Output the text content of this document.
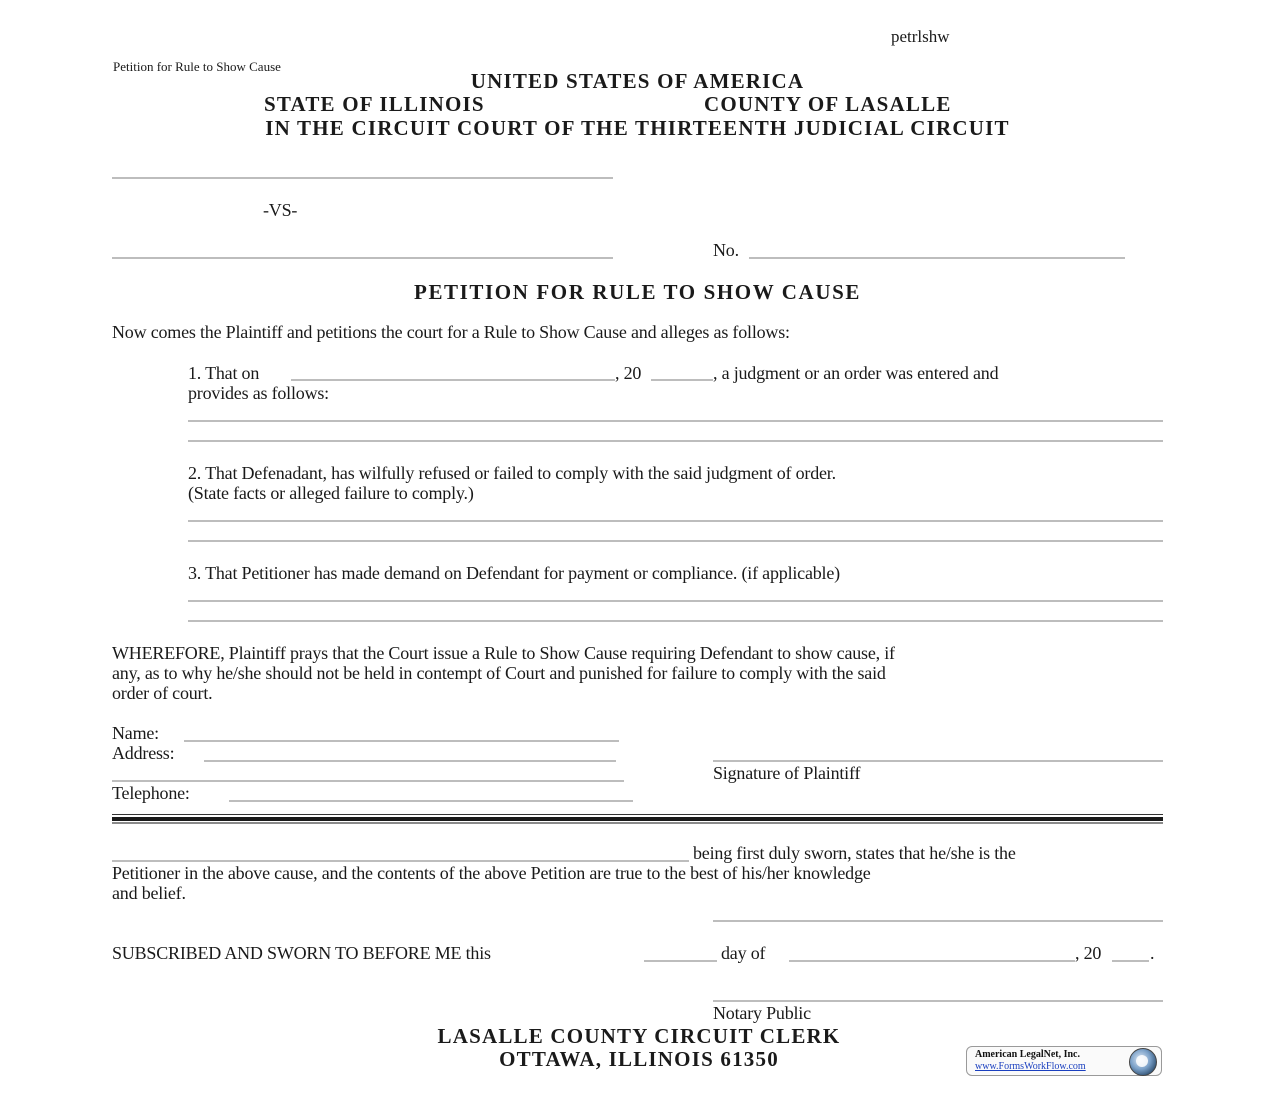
petrlshw
Petition for Rule to Show Cause
UNITED STATES OF AMERICA
STATE OF ILLINOIS	COUNTY OF LASALLE
IN THE CIRCUIT COURT OF THE THIRTEENTH JUDICIAL CIRCUIT
-VS-
No.
PETITION FOR RULE TO SHOW CAUSE
Now comes the Plaintiff and petitions the court for a Rule to Show Cause and alleges as follows:
1. That on	, 20	, a judgment or an order was entered and
provides as follows:
2. That Defenadant, has wilfully refused or failed to comply with the said judgment of order.
(State facts or alleged failure to comply.)
3. That Petitioner has made demand on Defendant for payment or compliance. (if applicable)
WHEREFORE, Plaintiff prays that the Court issue a Rule to Show Cause requiring Defendant to show cause, if
any, as to why he/she should not be held in contempt of Court and punished for failure to comply with the said
order of court.
Name:
Address:
Telephone:
Signature of Plaintiff
being first duly sworn, states that he/she is the
Petitioner in the above cause, and the contents of the above Petition are true to the best of his/her knowledge
and belief.
SUBSCRIBED AND SWORN TO BEFORE ME this	day of	, 20	.
Notary Public
LASALLE COUNTY CIRCUIT CLERK
OTTAWA, ILLINOIS 61350	American LegalNet, Inc.
www.FormsWorkFlow.com
